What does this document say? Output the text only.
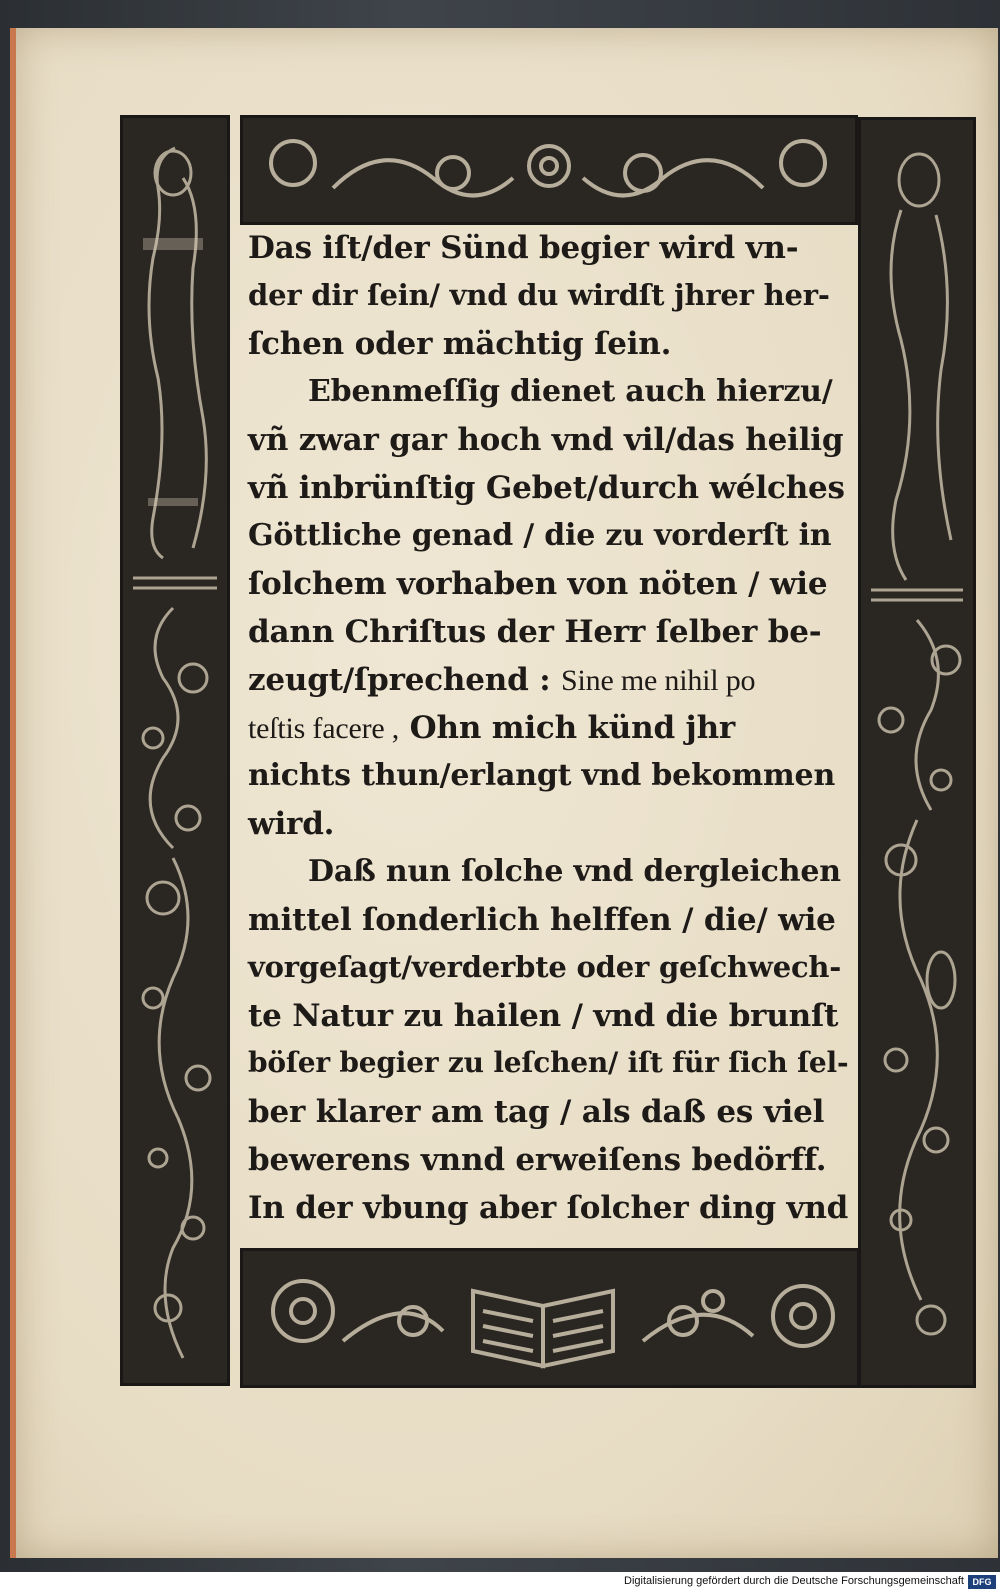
Das iſt/der Sünd begier wird vn-
der dir ſein/ vnd du wirdſt jhrer her-
ſchen oder mächtig ſein.
Ebenmeſſig dienet auch hierzu/
vñ zwar gar hoch vnd vil/das heilig
vñ inbrünſtig Gebet/durch wélches
Göttliche genad / die zu vorderſt in
ſolchem vorhaben von nöten / wie
dann Chriſtus der Herr ſelber be-
zeugt/ſprechend : Sine me nihil po
teſtis facere , Ohn mich künd jhr
nichts thun/erlangt vnd bekommen
wird.
Daß nun ſolche vnd dergleichen
mittel ſonderlich helffen / die/ wie
vorgeſagt/verderbte oder geſchwech-
te Natur zu hailen / vnd die brunſt
böſer begier zu leſchen/ iſt für ſich ſel-
ber klarer am tag / als daß es viel
bewerens vnnd erweiſens bedörff.
In der vbung aber ſolcher ding vnd
Digitalisierung gefördert durch die Deutsche Forschungsgemeinschaft DFG
